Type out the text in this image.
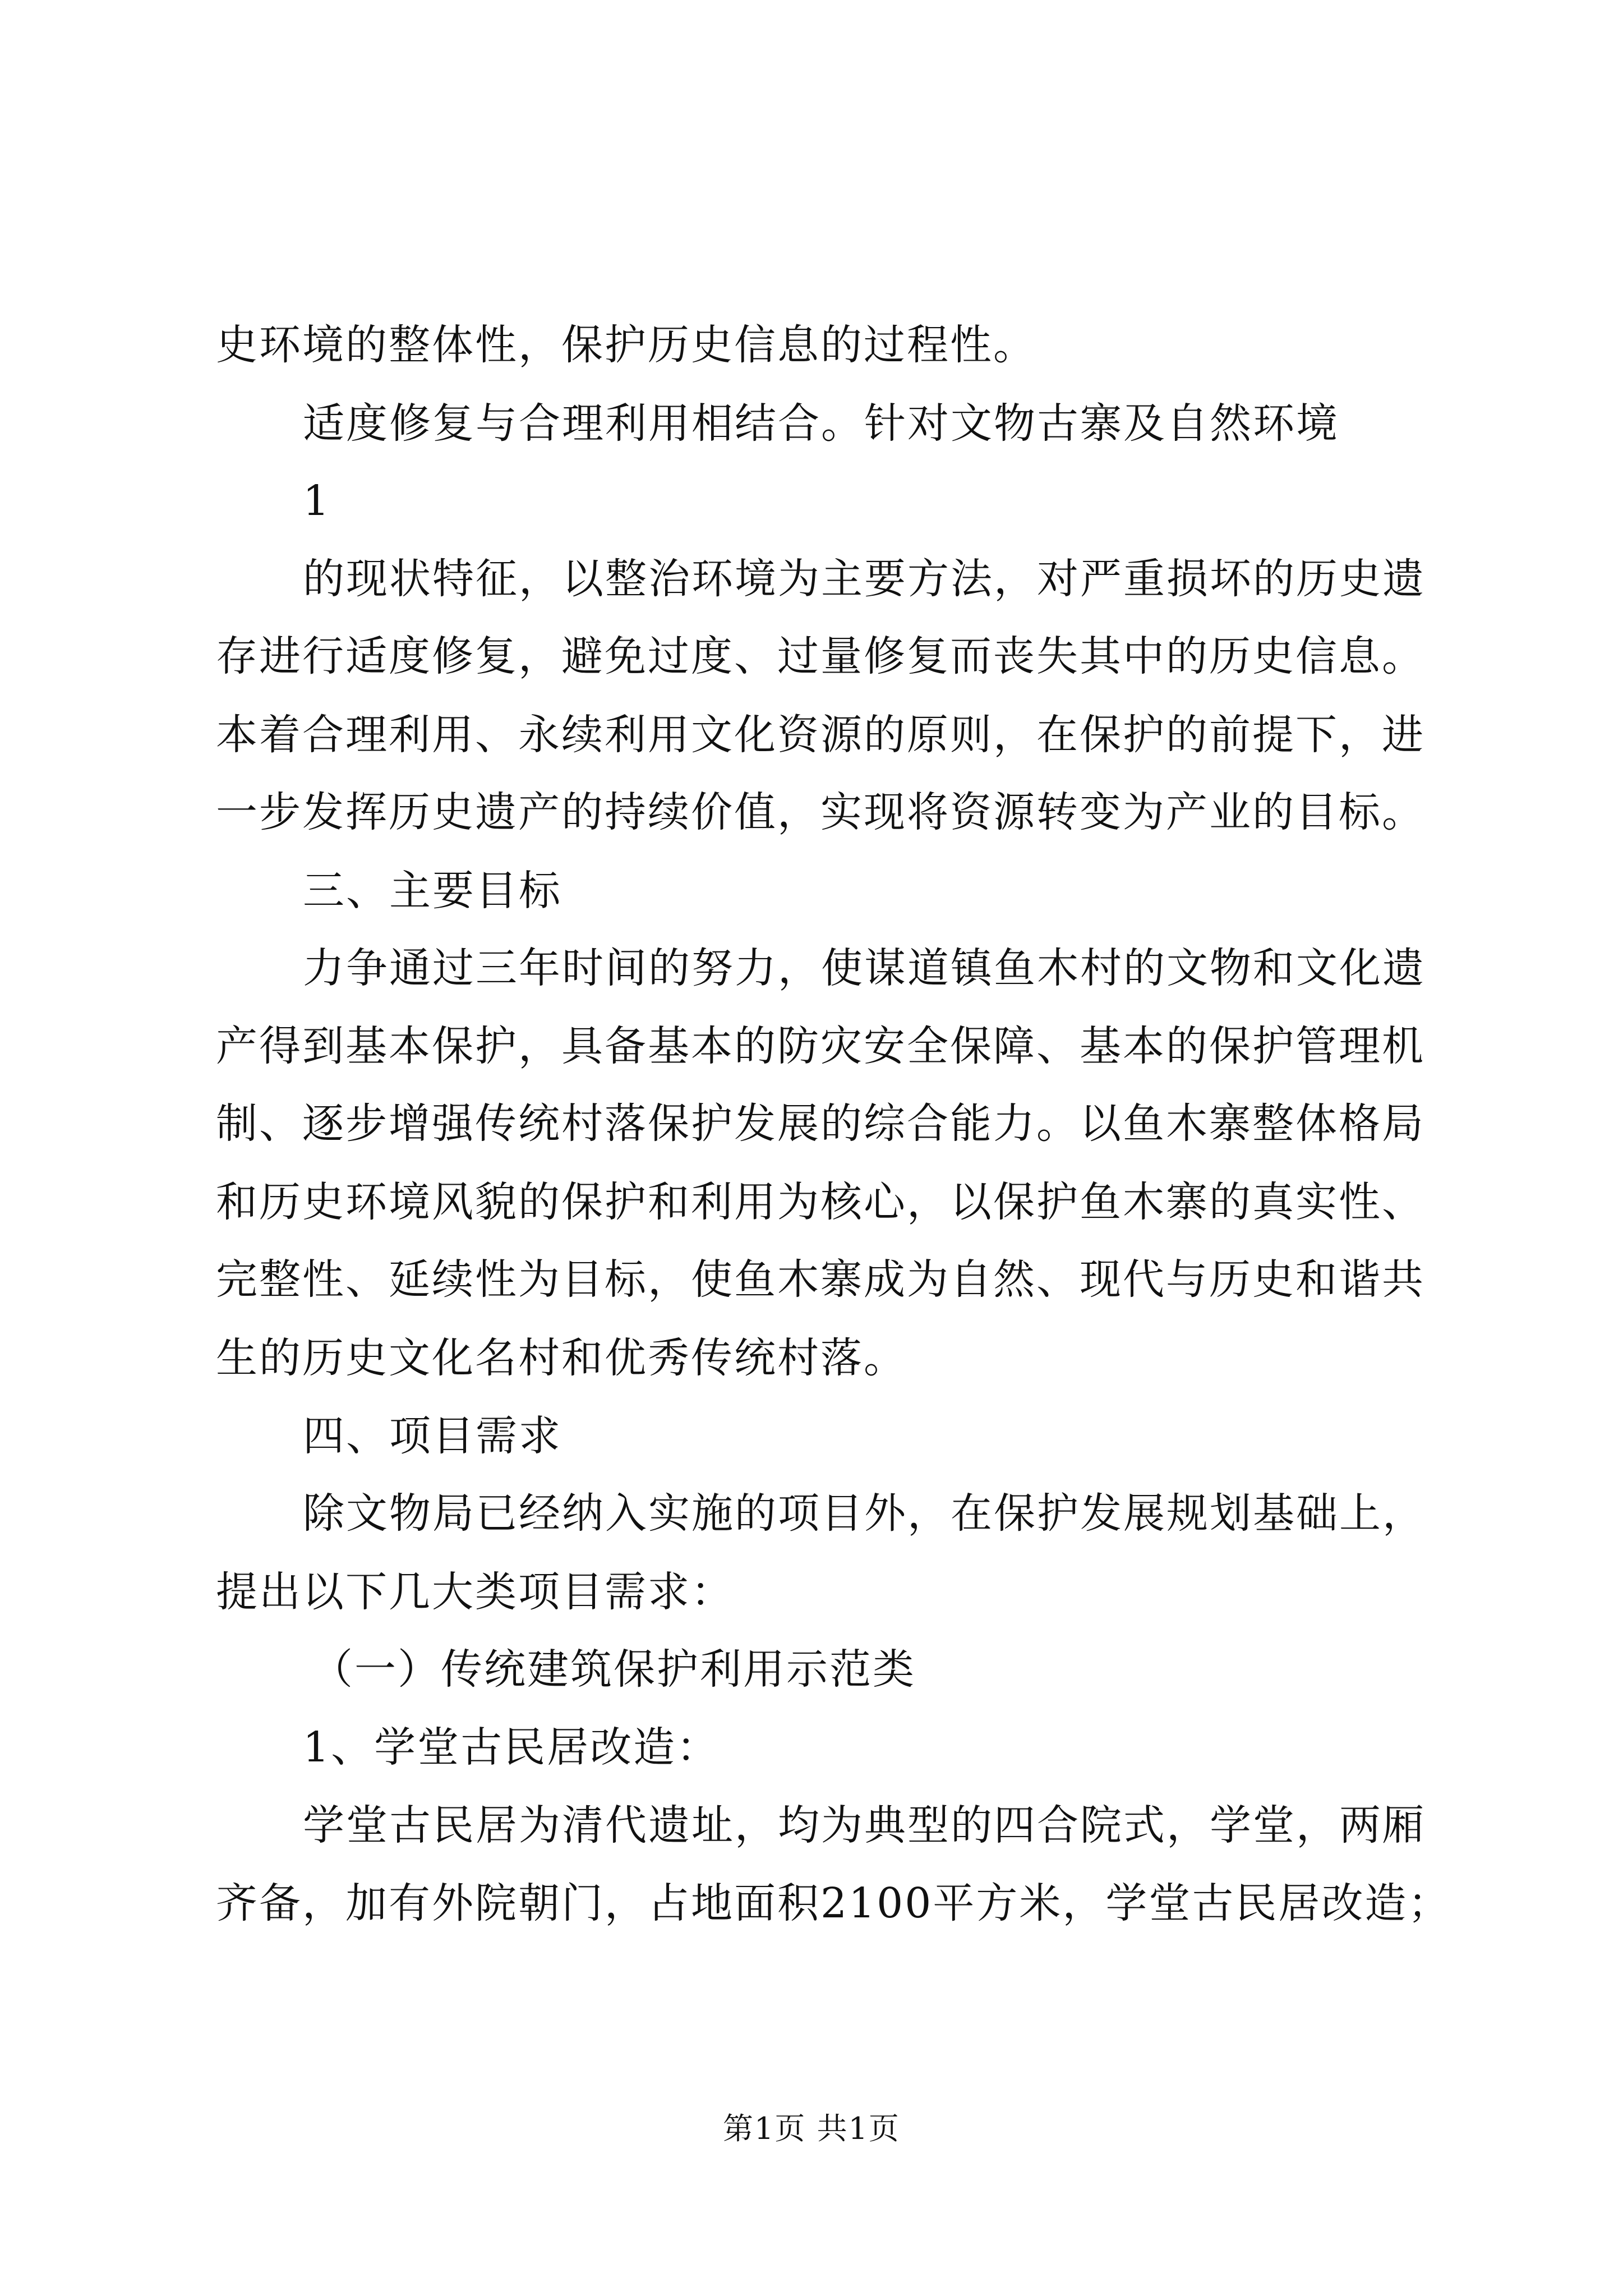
史环境的整体性，保护历史信息的过程性。
适度修复与合理利用相结合。针对文物古寨及自然环境
1
的现状特征，以整治环境为主要方法，对严重损坏的历史遗
存进行适度修复，避免过度、过量修复而丧失其中的历史信息。
本着合理利用、永续利用文化资源的原则，在保护的前提下，进
一步发挥历史遗产的持续价值，实现将资源转变为产业的目标。
三、主要目标
力争通过三年时间的努力，使谋道镇鱼木村的文物和文化遗
产得到基本保护，具备基本的防灾安全保障、基本的保护管理机
制、逐步增强传统村落保护发展的综合能力。以鱼木寨整体格局
和历史环境风貌的保护和利用为核心，以保护鱼木寨的真实性、
完整性、延续性为目标，使鱼木寨成为自然、现代与历史和谐共
生的历史文化名村和优秀传统村落。
四、项目需求
除文物局已经纳入实施的项目外，在保护发展规划基础上，
提出以下几大类项目需求：
（一）传统建筑保护利用示范类
1、学堂古民居改造：
学堂古民居为清代遗址，均为典型的四合院式，学堂，两厢
齐备，加有外院朝门，占地面积2100平方米，学堂古民居改造；
第1页 共1页
